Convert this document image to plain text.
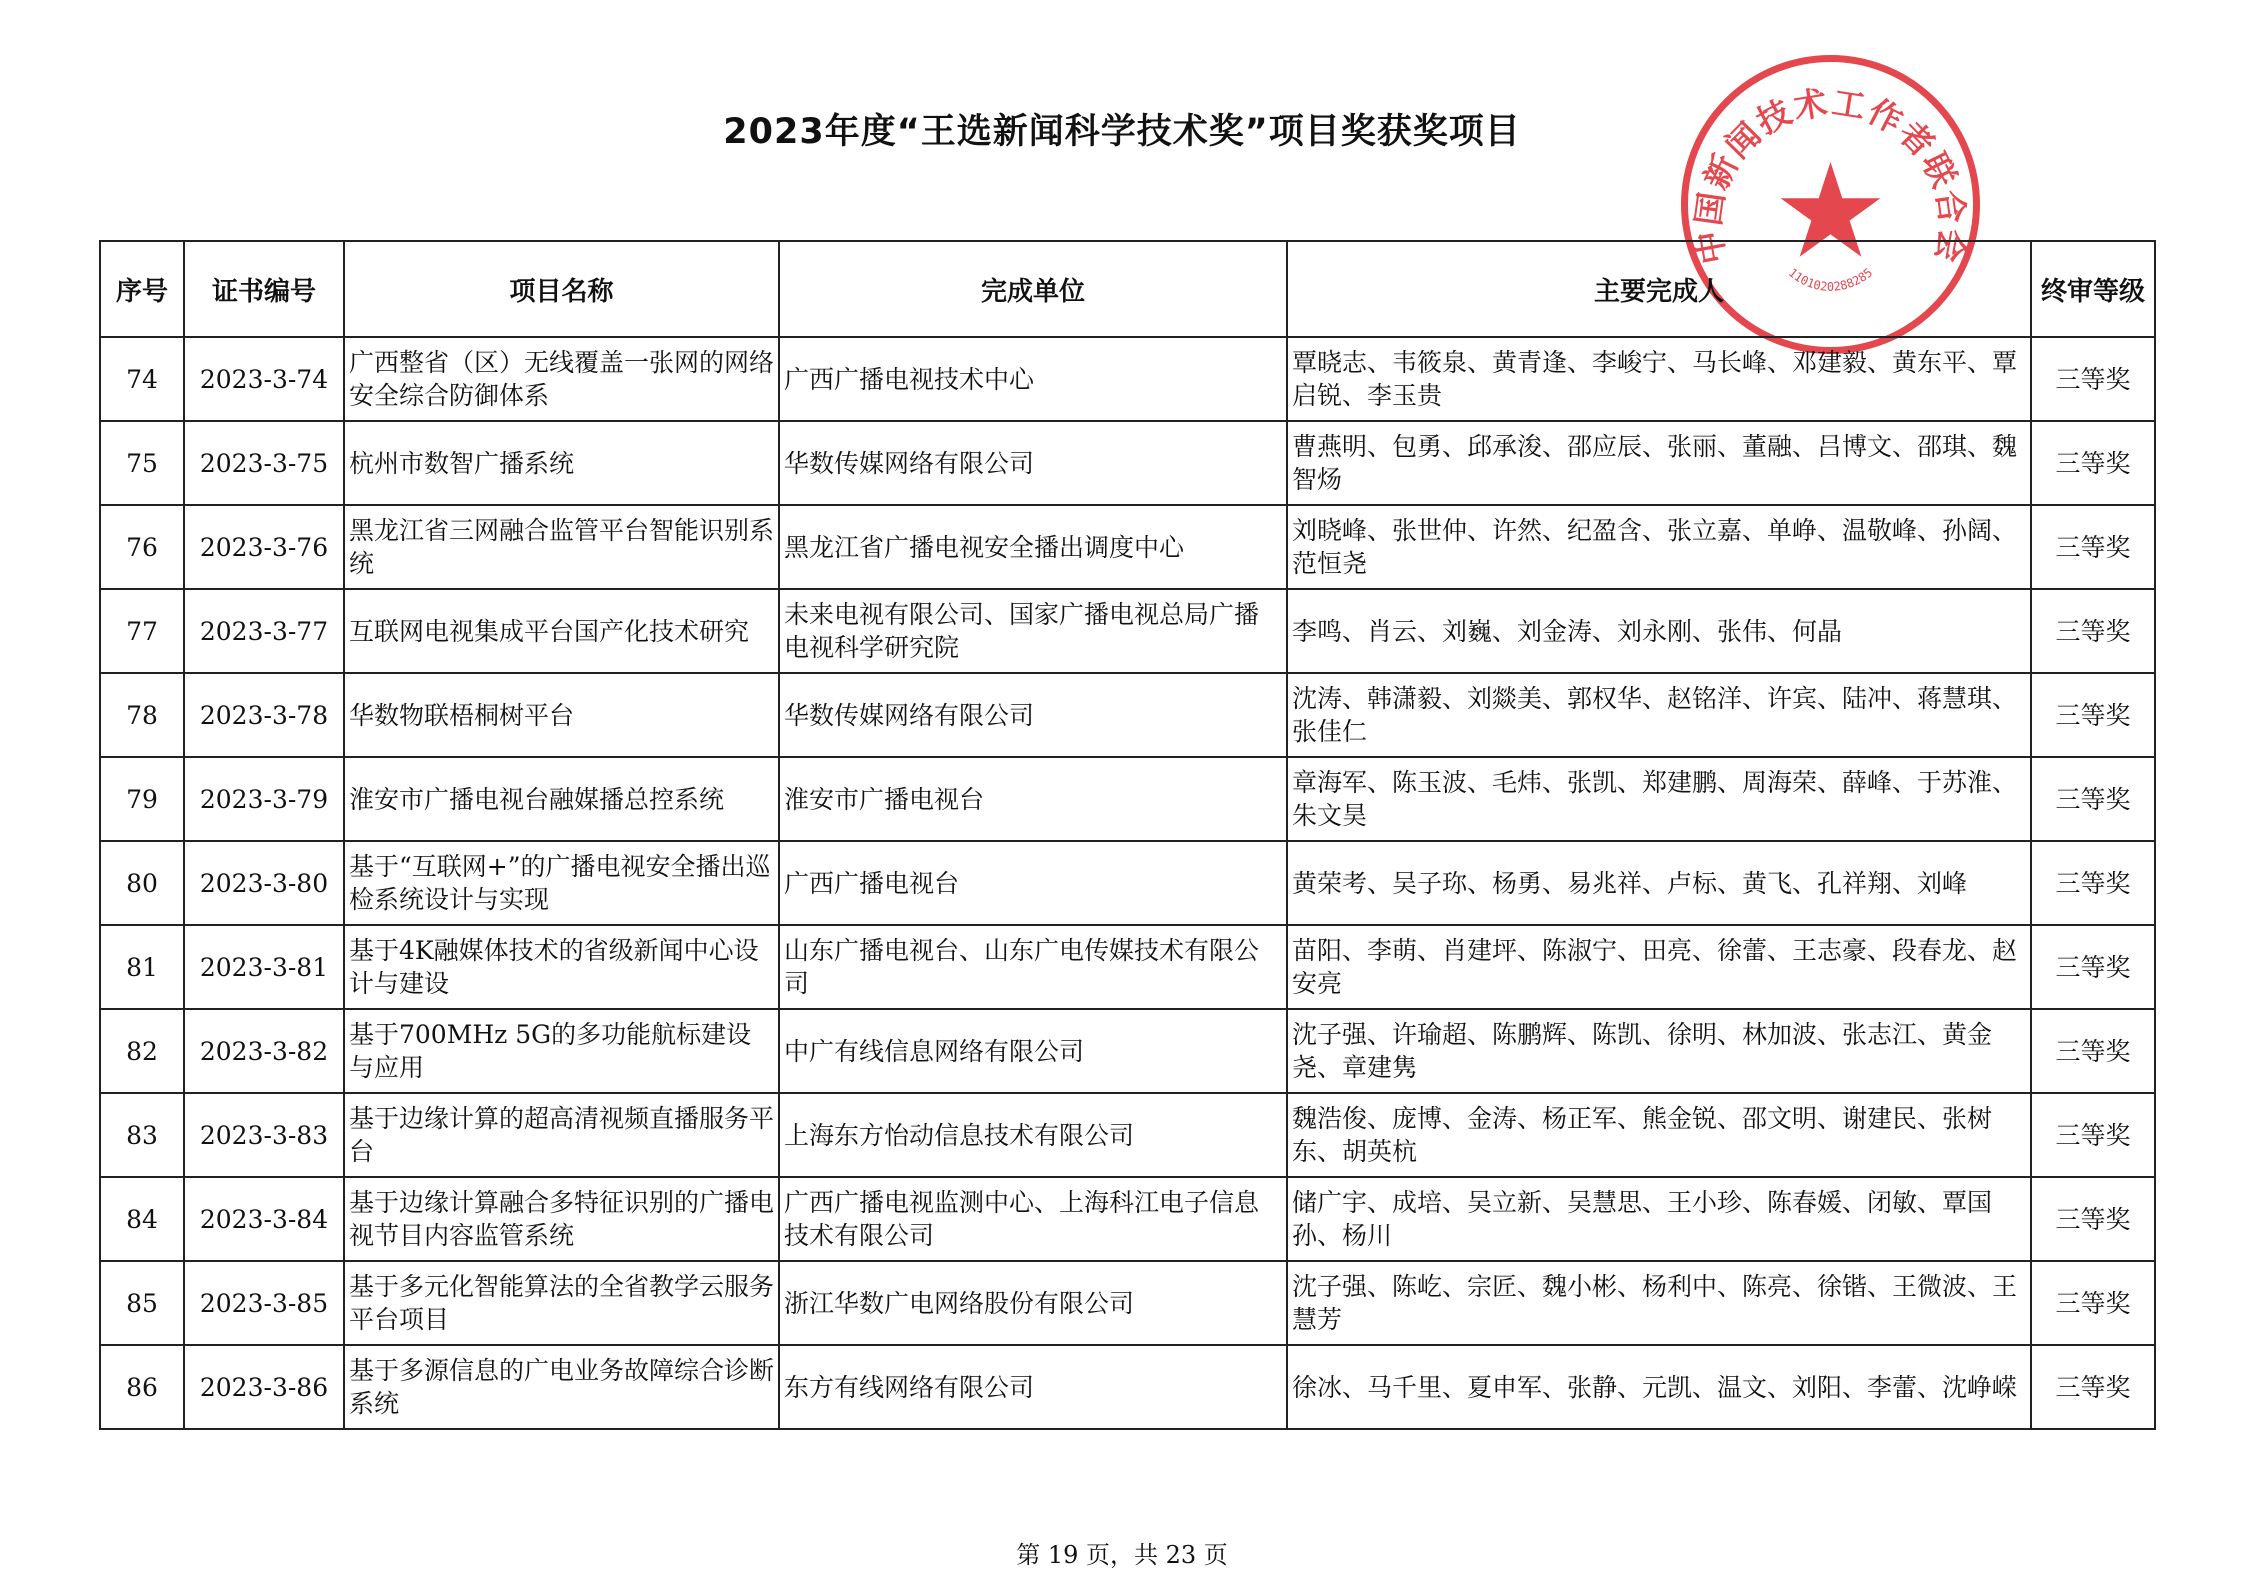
2023年度“王选新闻科学技术奖”项目奖获奖项目
中国新闻技术工作者联合会
1101020288285
序号	证书编号	项目名称	完成单位	主要完成人	终审等级
74	2023-3-74	广西整省（区）无线覆盖一张网的网络安全综合防御体系	广西广播电视技术中心	覃晓志、韦筱泉、黄青逢、李峻宁、马长峰、邓建毅、黄东平、覃启锐、李玉贵	三等奖
75	2023-3-75	杭州市数智广播系统	华数传媒网络有限公司	曹燕明、包勇、邱承浚、邵应辰、张丽、董融、吕博文、邵琪、魏智炀	三等奖
76	2023-3-76	黑龙江省三网融合监管平台智能识别系统	黑龙江省广播电视安全播出调度中心	刘晓峰、张世仲、许然、纪盈含、张立嘉、单峥、温敬峰、孙阔、范恒尧	三等奖
77	2023-3-77	互联网电视集成平台国产化技术研究	未来电视有限公司、国家广播电视总局广播电视科学研究院	李鸣、肖云、刘巍、刘金涛、刘永刚、张伟、何晶	三等奖
78	2023-3-78	华数物联梧桐树平台	华数传媒网络有限公司	沈涛、韩潇毅、刘燚美、郭权华、赵铭洋、许宾、陆冲、蒋慧琪、张佳仁	三等奖
79	2023-3-79	淮安市广播电视台融媒播总控系统	淮安市广播电视台	章海军、陈玉波、毛炜、张凯、郑建鹏、周海荣、薛峰、于苏淮、朱文昊	三等奖
80	2023-3-80	基于“互联网+”的广播电视安全播出巡检系统设计与实现	广西广播电视台	黄荣考、吴子珎、杨勇、易兆祥、卢标、黄飞、孔祥翔、刘峰	三等奖
81	2023-3-81	基于4K融媒体技术的省级新闻中心设计与建设	山东广播电视台、山东广电传媒技术有限公司	苗阳、李萌、肖建坪、陈淑宁、田亮、徐蕾、王志豪、段春龙、赵安亮	三等奖
82	2023-3-82	基于700MHz 5G的多功能航标建设与应用	中广有线信息网络有限公司	沈子强、许瑜超、陈鹏辉、陈凯、徐明、林加波、张志江、黄金尧、章建隽	三等奖
83	2023-3-83	基于边缘计算的超高清视频直播服务平台	上海东方怡动信息技术有限公司	魏浩俊、庞博、金涛、杨正军、熊金锐、邵文明、谢建民、张树东、胡英杭	三等奖
84	2023-3-84	基于边缘计算融合多特征识别的广播电视节目内容监管系统	广西广播电视监测中心、上海科江电子信息技术有限公司	储广宇、成培、吴立新、吴慧思、王小珍、陈春媛、闭敏、覃国孙、杨川	三等奖
85	2023-3-85	基于多元化智能算法的全省教学云服务平台项目	浙江华数广电网络股份有限公司	沈子强、陈屹、宗匠、魏小彬、杨利中、陈亮、徐锴、王微波、王慧芳	三等奖
86	2023-3-86	基于多源信息的广电业务故障综合诊断系统	东方有线网络有限公司	徐冰、马千里、夏申军、张静、元凯、温文、刘阳、李蕾、沈峥嵘	三等奖
第 19 页，共 23 页
